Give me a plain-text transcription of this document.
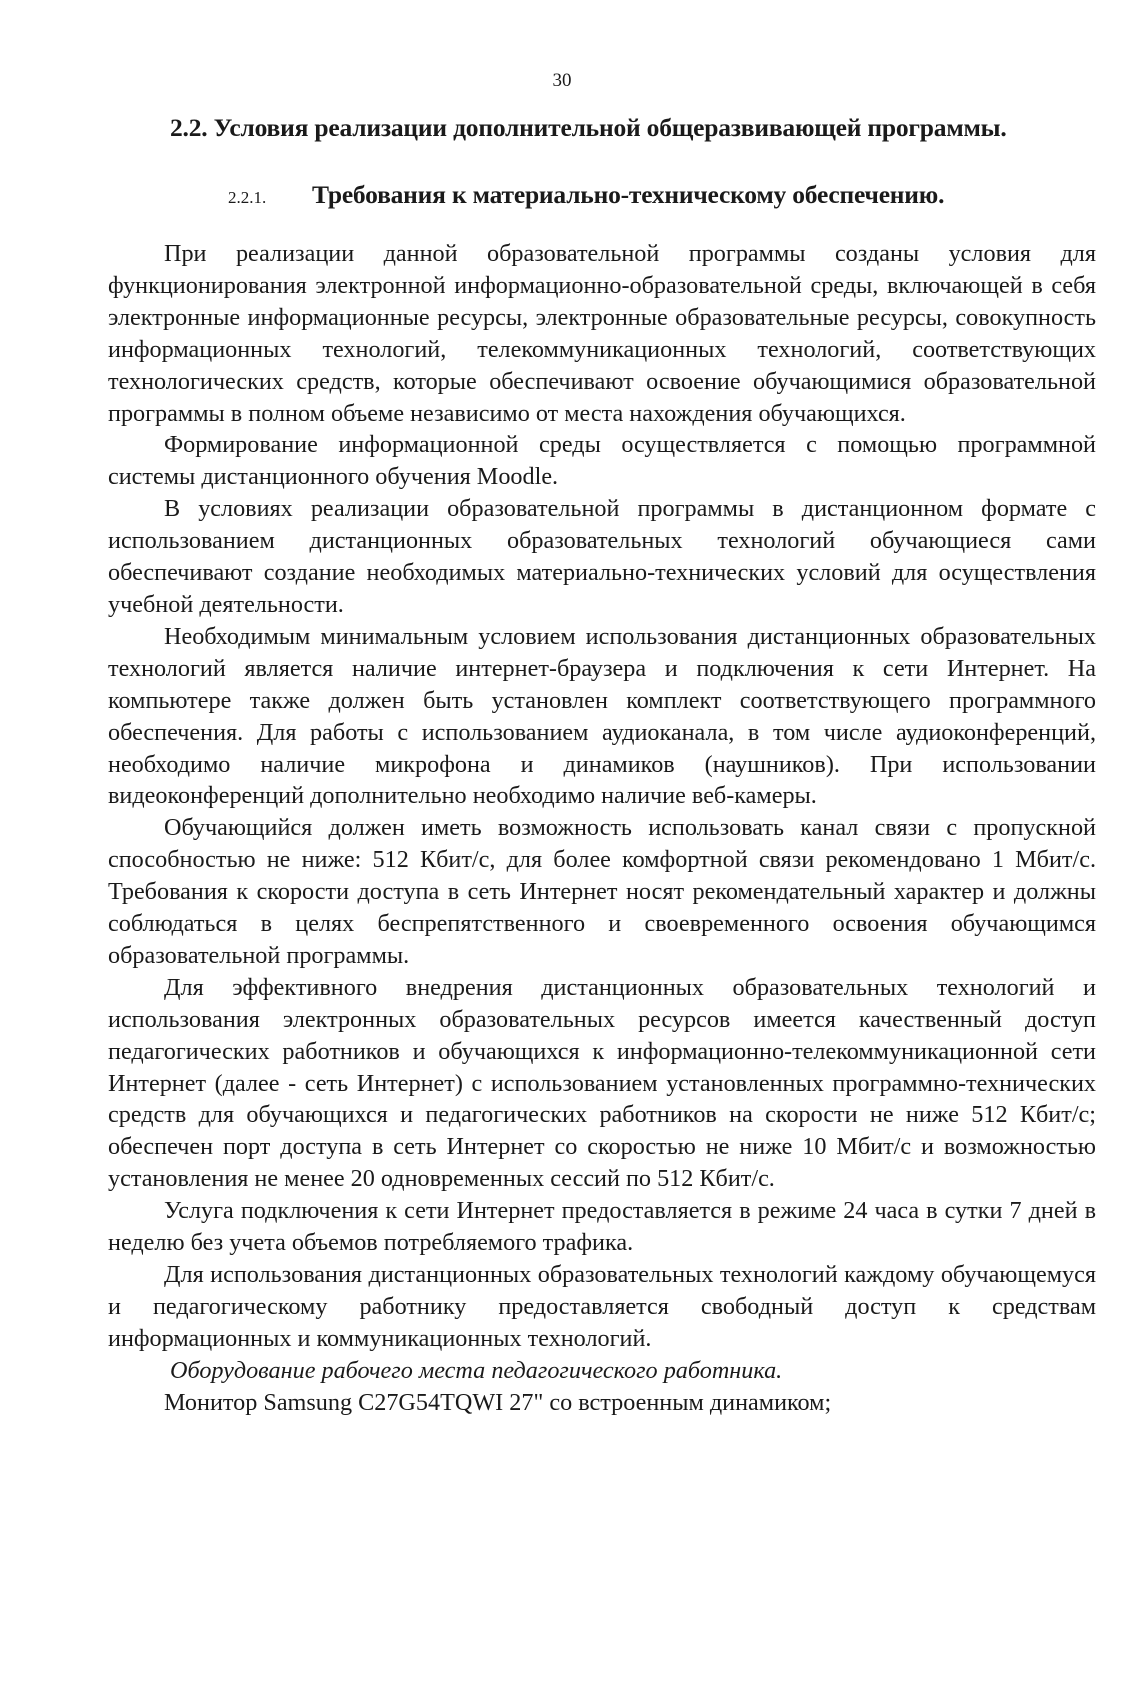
30
2.2. Условия реализации дополнительной общеразвивающей программы.
2.2.1. Требования к материально-техническому обеспечению.

При реализации данной образовательной программы созданы условия для функционирования электронной информационно-образовательной среды, включающей в себя электронные информационные ресурсы, электронные образовательные ресурсы, совокупность информационных технологий, телекоммуникационных технологий, соответствующих технологических средств, которые обеспечивают освоение обучающимися образовательной программы в полном объеме независимо от места нахождения обучающихся.

Формирование информационной среды осуществляется с помощью программной системы дистанционного обучения Moodle.

В условиях реализации образовательной программы в дистанционном формате с использованием дистанционных образовательных технологий обучающиеся сами обеспечивают создание необходимых материально-технических условий для осуществления учебной деятельности.

Необходимым минимальным условием использования дистанционных образовательных технологий является наличие интернет-браузера и подключения к сети Интернет. На компьютере также должен быть установлен комплект соответствующего программного обеспечения. Для работы с использованием аудиоканала, в том числе аудиоконференций, необходимо наличие микрофона и динамиков (наушников). При использовании видеоконференций дополнительно необходимо наличие веб-камеры.

Обучающийся должен иметь возможность использовать канал связи с пропускной способностью не ниже: 512 Кбит/с, для более комфортной связи рекомендовано 1 Мбит/с. Требования к скорости доступа в сеть Интернет носят рекомендательный характер и должны соблюдаться в целях беспрепятственного и своевременного освоения обучающимся образовательной программы.

Для эффективного внедрения дистанционных образовательных технологий и использования электронных образовательных ресурсов имеется качественный доступ педагогических работников и обучающихся к информационно-телекоммуникационной сети Интернет (далее - сеть Интернет) с использованием установленных программно-технических средств для обучающихся и педагогических работников на скорости не ниже 512 Кбит/с; обеспечен порт доступа в сеть Интернет со скоростью не ниже 10 Мбит/с и возможностью установления не менее 20 одновременных сессий по 512 Кбит/с.

Услуга подключения к сети Интернет предоставляется в режиме 24 часа в сутки 7 дней в неделю без учета объемов потребляемого трафика.

Для использования дистанционных образовательных технологий каждому обучающемуся и педагогическому работнику предоставляется свободный доступ к средствам информационных и коммуникационных технологий.

Оборудование рабочего места педагогического работника.

Монитор Samsung C27G54TQWI 27" со встроенным динамиком;
